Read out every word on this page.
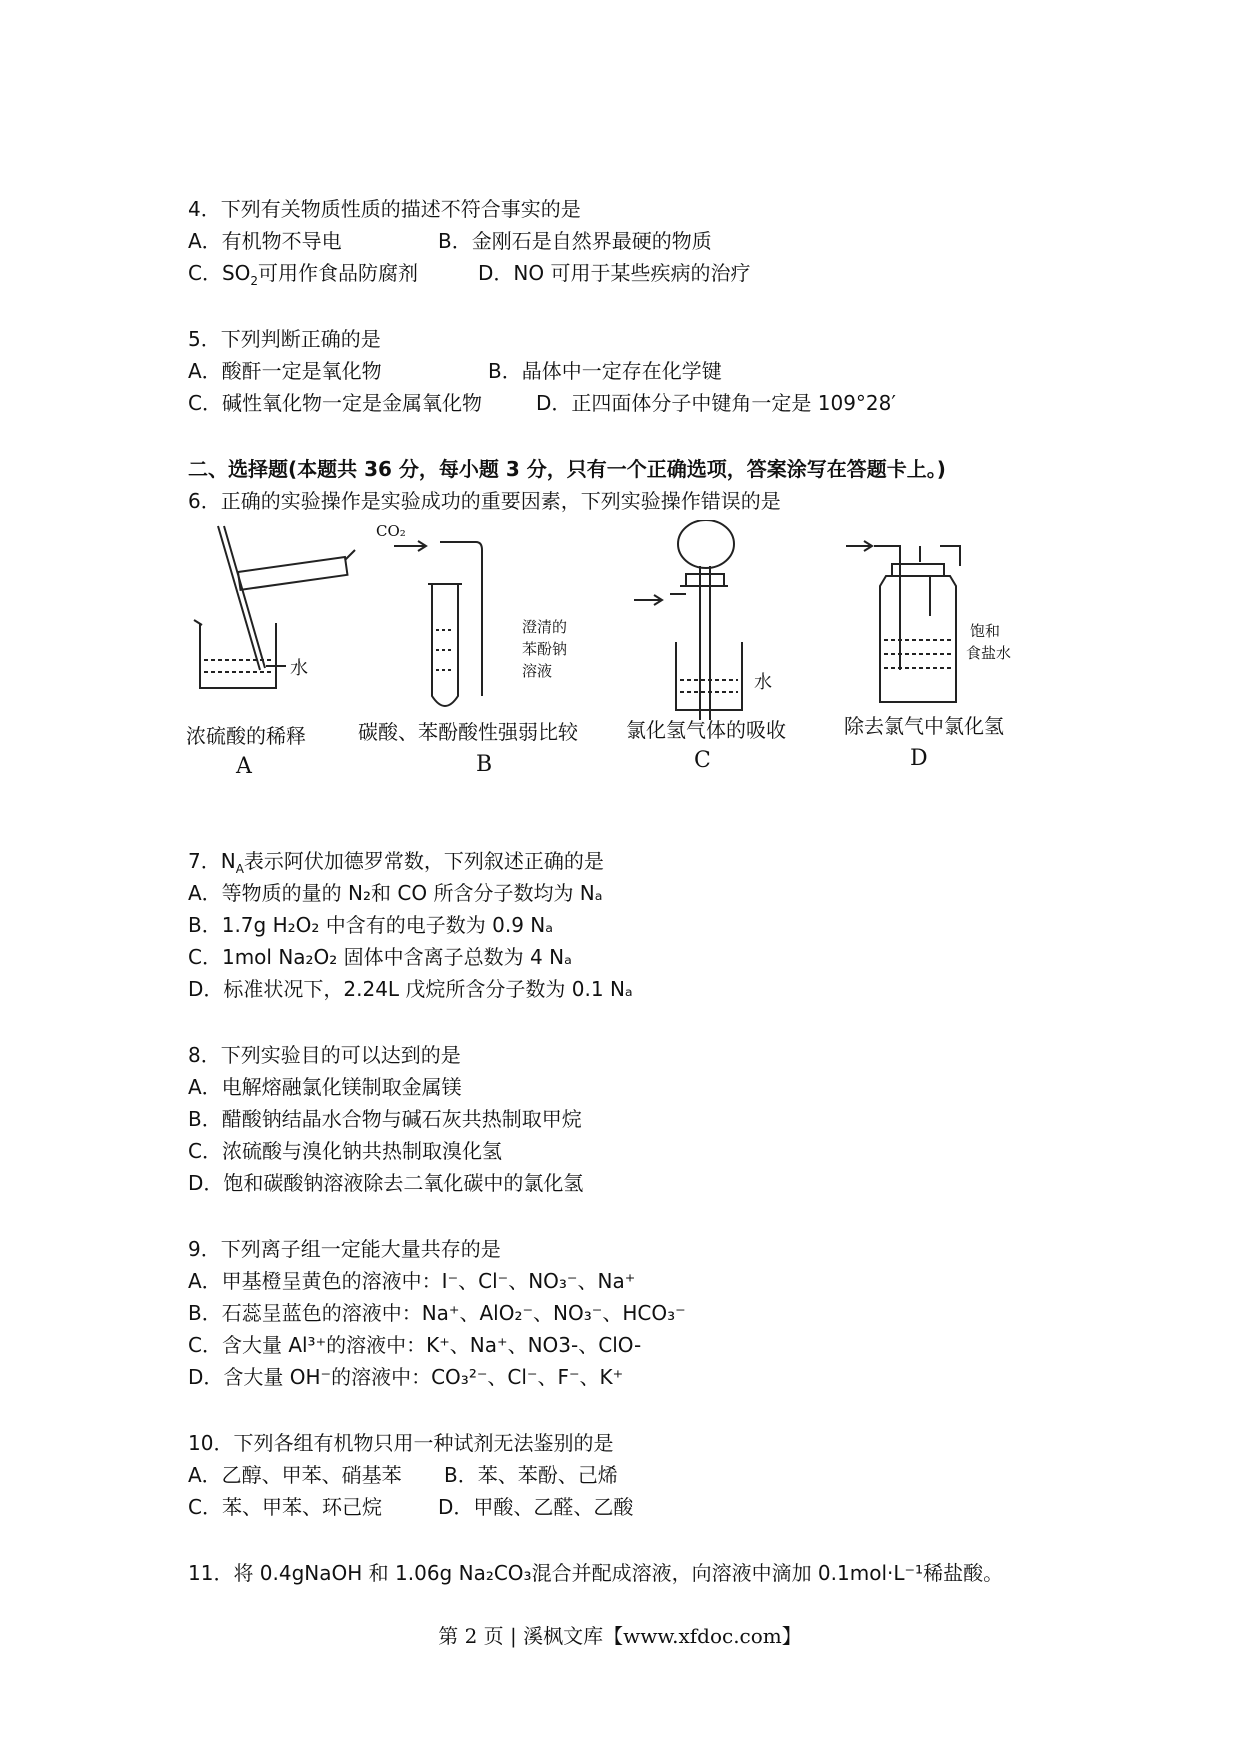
4．下列有关物质性质的描述不符合事实的是
A．有机物不导电	B．金刚石是自然界最硬的物质
C．$SO_2$可用作食品防腐剂	D．NO 可用于某些疾病的治疗
5．下列判断正确的是
A．酸酐一定是氧化物	B．晶体中一定存在化学键
C．碱性氧化物一定是金属氧化物	D．正四面体分子中键角一定是 109°28′
二、选择题(本题共 36 分，每小题 3 分，只有一个正确选项，答案涂写在答题卡上。)
6．正确的实验操作是实验成功的重要因素，下列实验操作错误的是
CO₂
水
澄清的
苯酚钠
溶液
水
饱和
食盐水
浓硫酸的稀释	碳酸、苯酚酸性强弱比较 氯化氢气体的吸收	除去氯气中氯化氢
A	B	C	D
7．$N_A$表示阿伏加德罗常数，下列叙述正确的是
A．等物质的量的 N₂和 CO 所含分子数均为 Nₐ
B．1.7g H₂O₂ 中含有的电子数为 0.9 Nₐ
C．1mol Na₂O₂ 固体中含离子总数为 4 Nₐ
D．标准状况下，2.24L 戊烷所含分子数为 0.1 Nₐ
8．下列实验目的可以达到的是
A．电解熔融氯化镁制取金属镁
B．醋酸钠结晶水合物与碱石灰共热制取甲烷
C．浓硫酸与溴化钠共热制取溴化氢
D．饱和碳酸钠溶液除去二氧化碳中的氯化氢
9．下列离子组一定能大量共存的是
A．甲基橙呈黄色的溶液中：I⁻、Cl⁻、NO₃⁻、Na⁺
B．石蕊呈蓝色的溶液中：Na⁺、AlO₂⁻、NO₃⁻、HCO₃⁻
C．含大量 Al³⁺的溶液中：K⁺、Na⁺、NO3-、ClO-
D．含大量 OH⁻的溶液中：CO₃²⁻、Cl⁻、F⁻、K⁺
10．下列各组有机物只用一种试剂无法鉴别的是
A．乙醇、甲苯、硝基苯 B．苯、苯酚、己烯
C．苯、甲苯、环己烷	D．甲酸、乙醛、乙酸
11．将 0.4gNaOH 和 1.06g Na₂CO₃混合并配成溶液，向溶液中滴加 0.1mol·L⁻¹稀盐酸。
第 2 页 | 溪枫文库【www.xfdoc.com】
